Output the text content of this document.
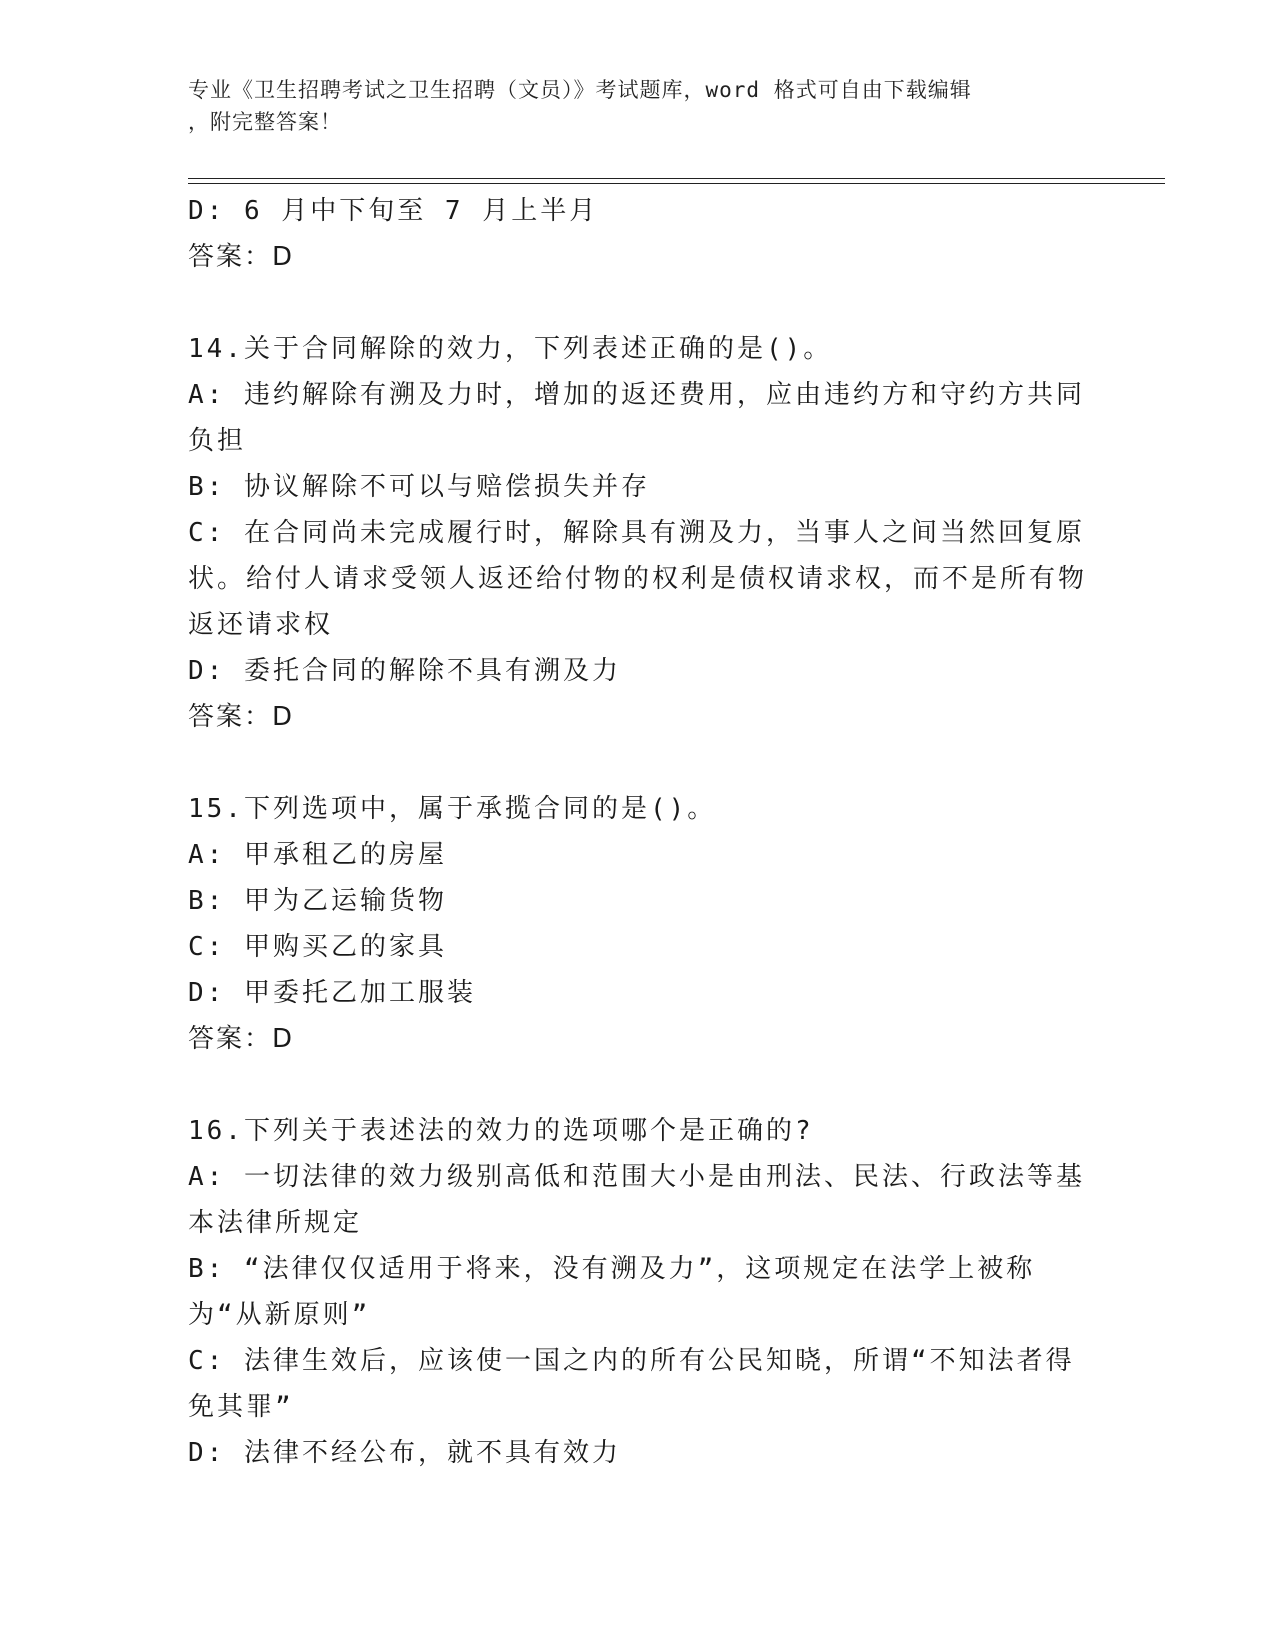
专业《卫生招聘考试之卫生招聘（文员）》考试题库，word 格式可自由下载编辑
，附完整答案！

D: 6 月中下旬至 7 月上半月

答案：D

14.关于合同解除的效力，下列表述正确的是()。

A: 违约解除有溯及力时，增加的返还费用，应由违约方和守约方共同负担

B: 协议解除不可以与赔偿损失并存

C: 在合同尚未完成履行时，解除具有溯及力，当事人之间当然回复原状。给付人请求受领人返还给付物的权利是债权请求权，而不是所有物返还请求权

D: 委托合同的解除不具有溯及力

答案：D

15.下列选项中，属于承揽合同的是()。

A: 甲承租乙的房屋

B: 甲为乙运输货物

C: 甲购买乙的家具

D: 甲委托乙加工服装

答案：D

16.下列关于表述法的效力的选项哪个是正确的?

A: 一切法律的效力级别高低和范围大小是由刑法、民法、行政法等基本法律所规定

B: “法律仅仅适用于将来，没有溯及力”，这项规定在法学上被称为“从新原则”

C: 法律生效后，应该使一国之内的所有公民知晓，所谓“不知法者得免其罪”

D: 法律不经公布，就不具有效力
